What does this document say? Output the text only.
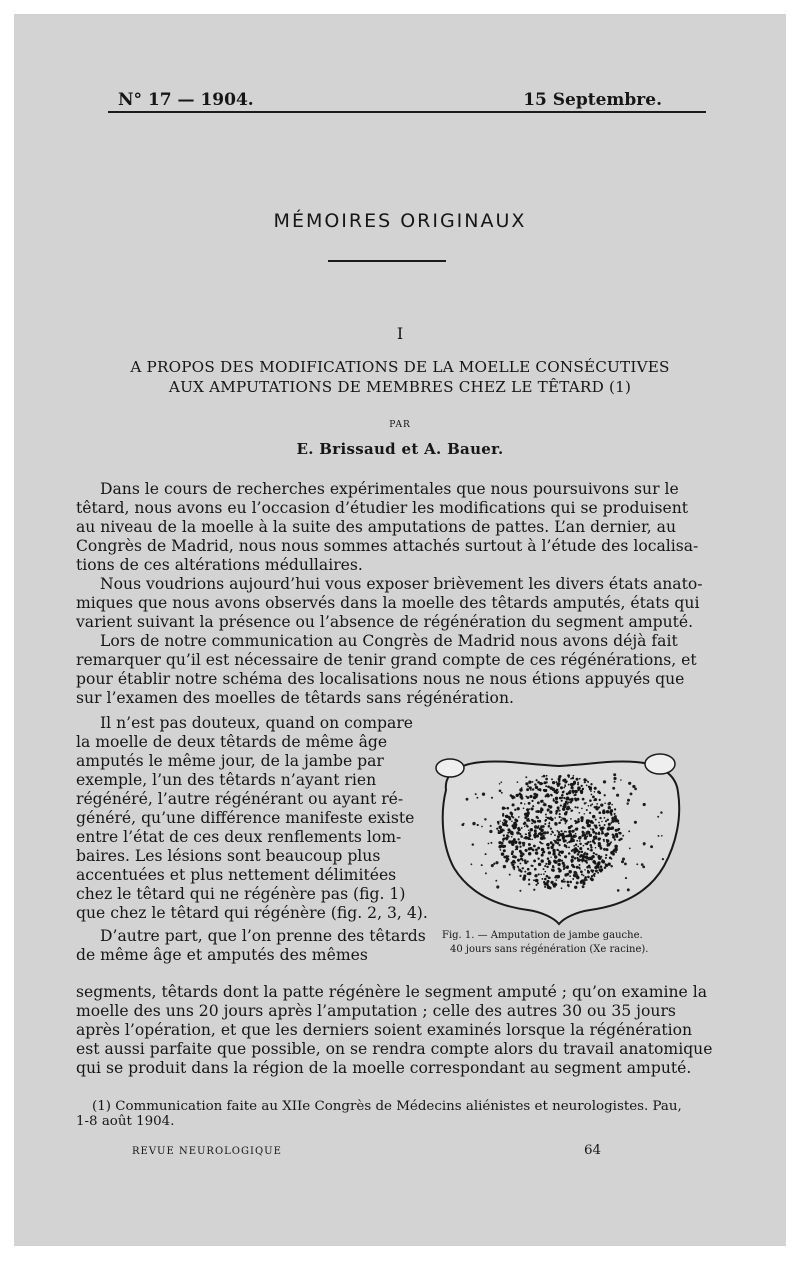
N° 17 — 1904.	15 Septembre.
MÉMOIRES ORIGINAUX
I
A PROPOS DES MODIFICATIONS DE LA MOELLE CONSÉCUTIVES
AUX AMPUTATIONS DE MEMBRES CHEZ LE TÊTARD (1)
PAR
E. Brissaud et A. Bauer.
Dans le cours de recherches expérimentales que nous poursuivons sur le
têtard, nous avons eu l’occasion d’étudier les modifications qui se produisent
au niveau de la moelle à la suite des amputations de pattes. L’an dernier, au
Congrès de Madrid, nous nous sommes attachés surtout à l’étude des localisa-
tions de ces altérations médullaires.
Nous voudrions aujourd’hui vous exposer brièvement les divers états anato-
miques que nous avons observés dans la moelle des têtards amputés, états qui
varient suivant la présence ou l’absence de régénération du segment amputé.
Lors de notre communication au Congrès de Madrid nous avons déjà fait
remarquer qu’il est nécessaire de tenir grand compte de ces régénérations, et
pour établir notre schéma des localisations nous ne nous étions appuyés que
sur l’examen des moelles de têtards sans régénération.
Il n’est pas douteux, quand on compare
la moelle de deux têtards de même âge
amputés le même jour, de la jambe par
exemple, l’un des têtards n’ayant rien
régénéré, l’autre régénérant ou ayant ré-
généré, qu’une différence manifeste existe
entre l’état de ces deux renflements lom-
baires. Les lésions sont beaucoup plus
accentuées et plus nettement délimitées
chez le têtard qui ne régénère pas (fig. 1)
que chez le têtard qui régénère (fig. 2, 3, 4).
D’autre part, que l’on prenne des têtards
de même âge et amputés des mêmes
Fig. 1. — Amputation de jambe gauche.
40 jours sans régénération (Xe racine).
segments, têtards dont la patte régénère le segment amputé ; qu’on examine la
moelle des uns 20 jours après l’amputation ; celle des autres 30 ou 35 jours
après l’opération, et que les derniers soient examinés lorsque la régénération
est aussi parfaite que possible, on se rendra compte alors du travail anatomique
qui se produit dans la région de la moelle correspondant au segment amputé.
(1) Communication faite au XIIe Congrès de Médecins aliénistes et neurologistes. Pau,
1-8 août 1904.
REVUE NEUROLOGIQUE	64
